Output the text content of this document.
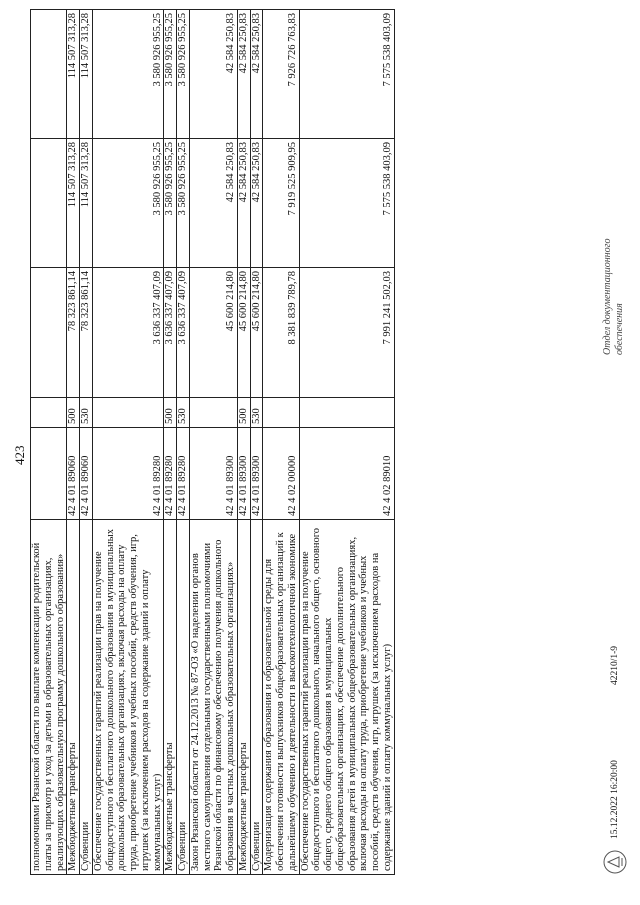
423
полномочиями Рязанской области по выплате компенсации родительской платы за присмотр и уход за детьми в образовательных организациях, реализующих образовательную программу дошкольного образования»					
Межбюджетные трансферты	42 4 01 89060	500	78 323 861,14	114 507 313,28	114 507 313,28
Субвенции	42 4 01 89060	530	78 323 861,14	114 507 313,28	114 507 313,28
Обеспечение государственных гарантий реализации прав на получение общедоступного и бесплатного дошкольного образования в муниципальных дошкольных образовательных организациях, включая расходы на оплату труда, приобретение учебников и учебных пособий, средств обучения, игр, игрушек (за исключением расходов на содержание зданий и оплату коммунальных услуг)	42 4 01 89280		3 636 337 407,09	3 580 926 955,25	3 580 926 955,25
Межбюджетные трансферты	42 4 01 89280	500	3 636 337 407,09	3 580 926 955,25	3 580 926 955,25
Субвенции	42 4 01 89280	530	3 636 337 407,09	3 580 926 955,25	3 580 926 955,25
Закон Рязанской области от 24.12.2013 № 87-ОЗ «О наделении органов местного самоуправления отдельными государственными полномочиями Рязанской области по финансовому обеспечению получения дошкольного образования в частных дошкольных образовательных организациях»	42 4 01 89300		45 600 214,80	42 584 250,83	42 584 250,83
Межбюджетные трансферты	42 4 01 89300	500	45 600 214,80	42 584 250,83	42 584 250,83
Субвенции	42 4 01 89300	530	45 600 214,80	42 584 250,83	42 584 250,83
Модернизация содержания образования и образовательной среды для обеспечения готовности выпускников общеобразовательных организаций к дальнейшему обучению и деятельности в высокотехнологичной экономике	42 4 02 00000		8 381 839 789,78	7 919 525 909,95	7 926 726 763,83
Обеспечение государственных гарантий реализации прав на получение общедоступного и бесплатного дошкольного, начального общего, основного общего, среднего общего образования в муниципальных общеобразовательных организациях, обеспечение дополнительного образования детей в муниципальных общеобразовательных организациях, включая расходы на оплату труда, приобретение учебников и учебных пособий, средств обучения, игр, игрушек (за исключением расходов на содержание зданий и оплату коммунальных услуг)	42 4 02 89010		7 991 241 502,03	7 575 538 403,09	7 575 538 403,09
15.12.2022 16:20:00
42210/1-9
Отдел документационного обеспечения
